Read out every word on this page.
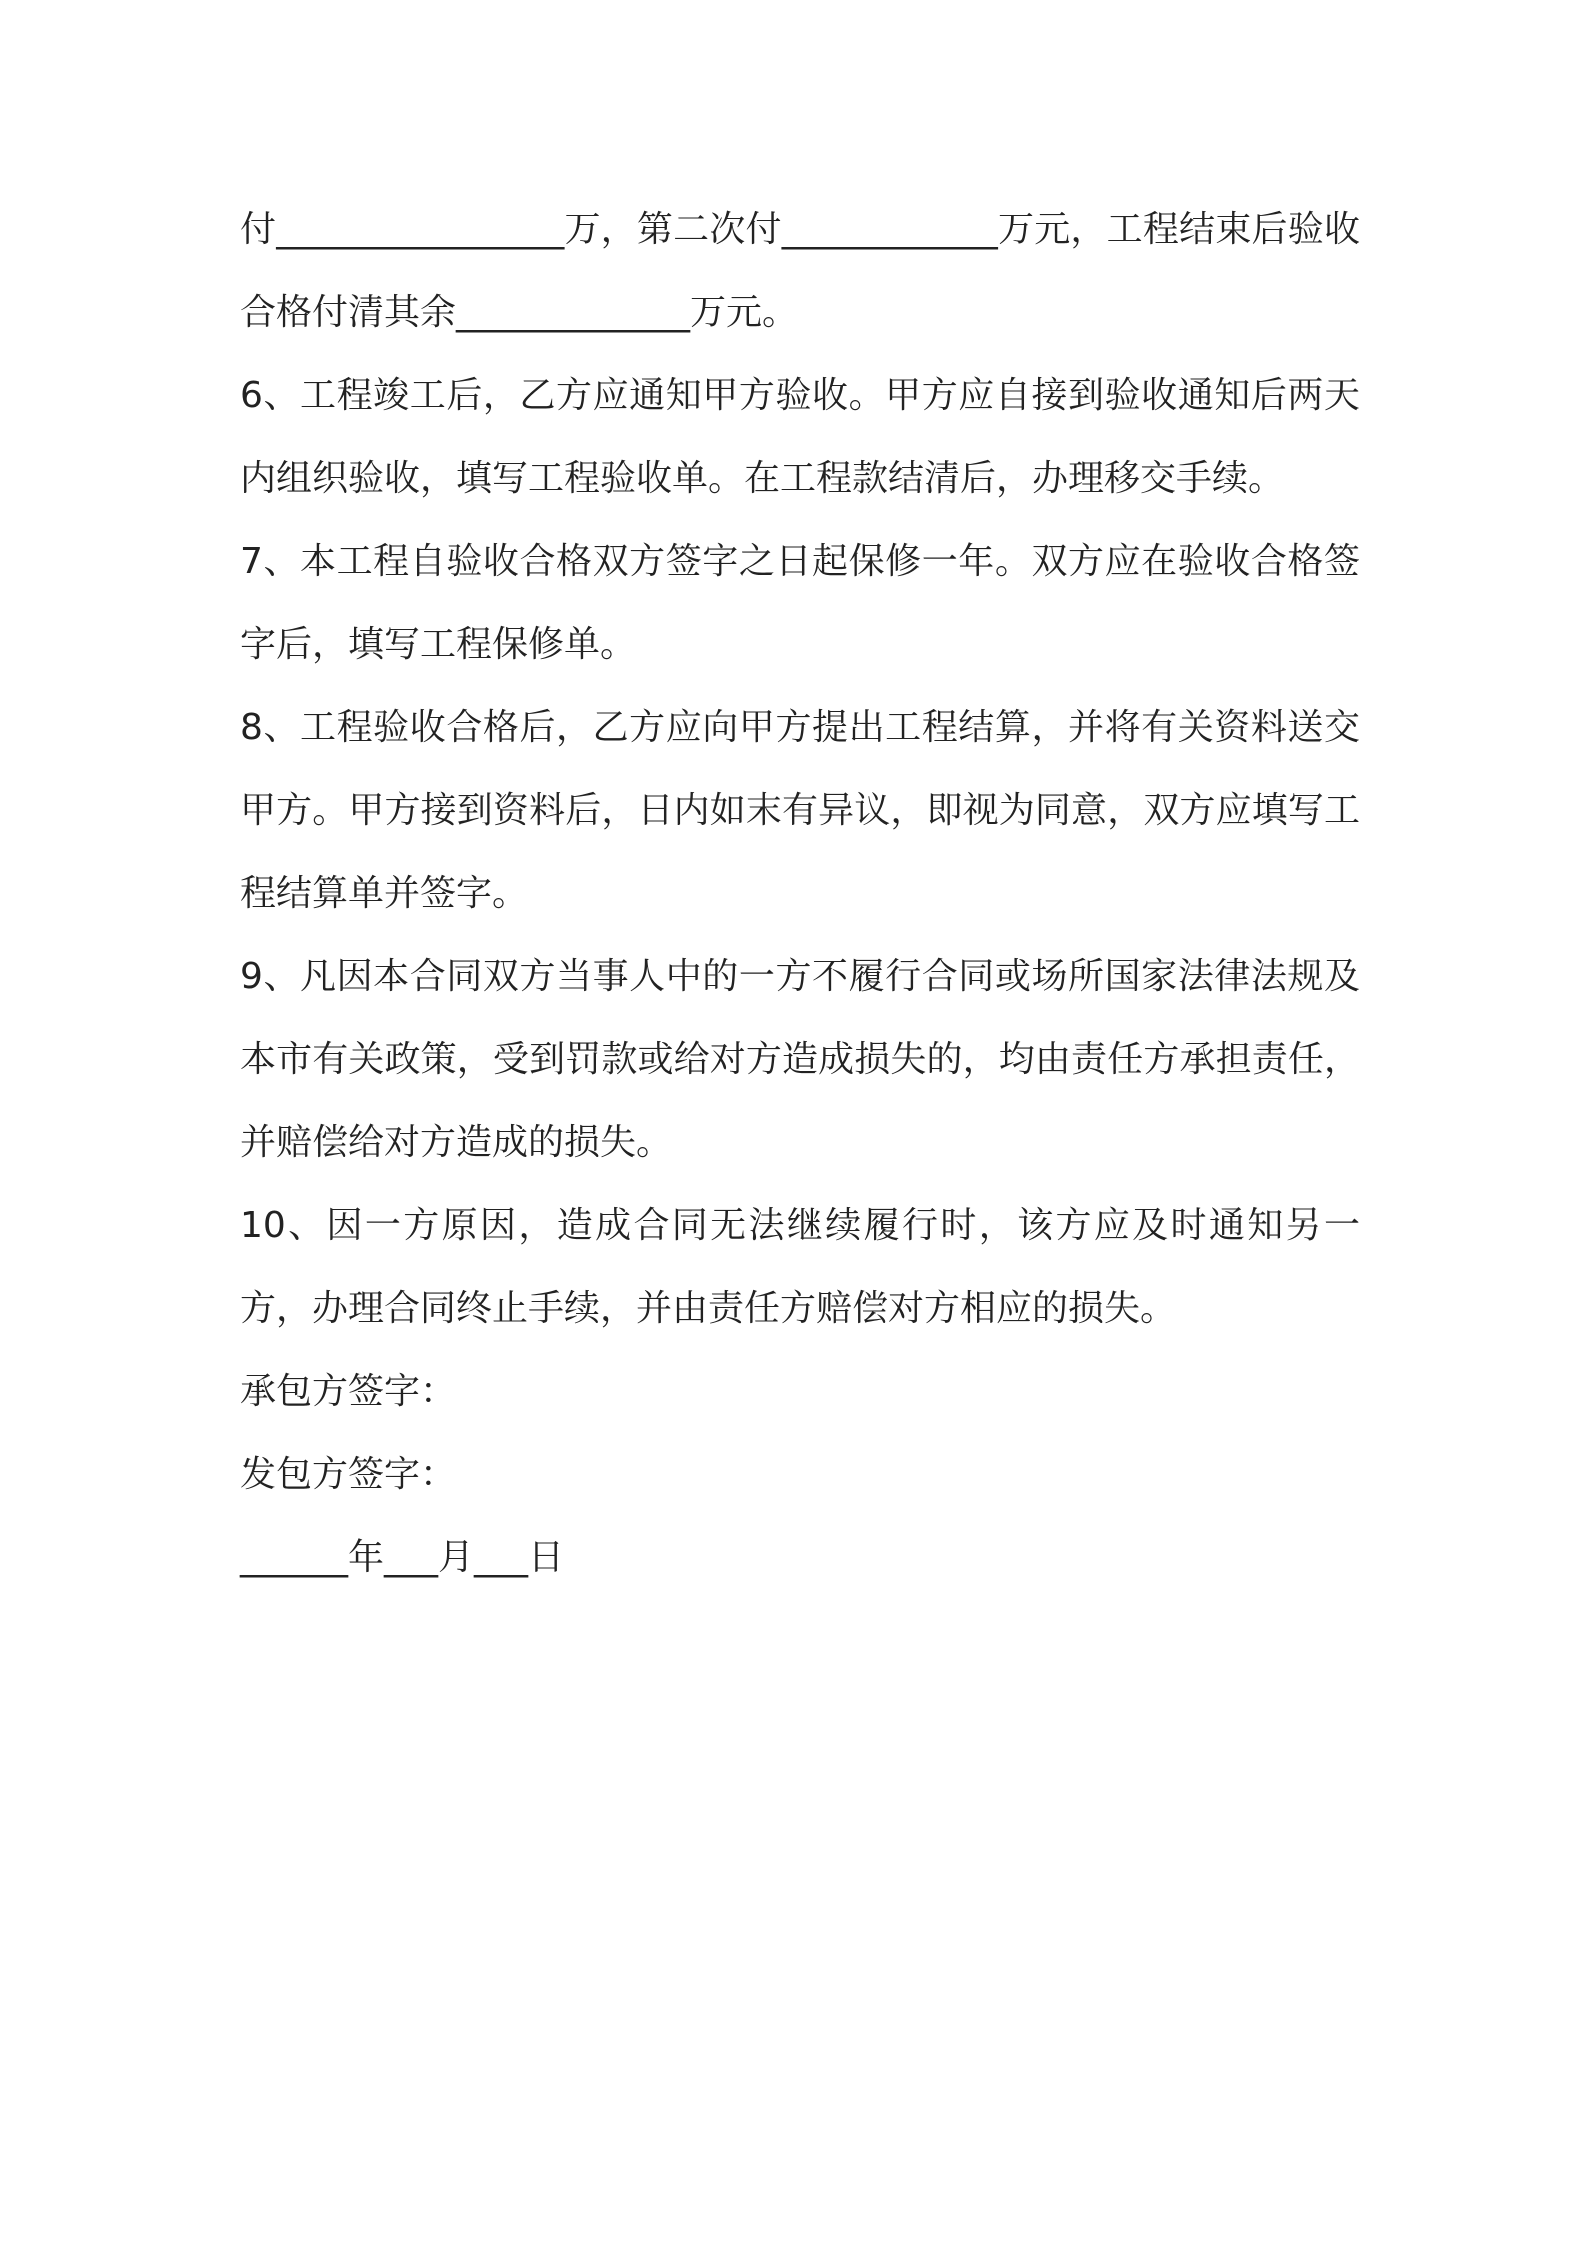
付________________万，第二次付____________万元，工程结束后验收合格付清其余_____________万元。

6、工程竣工后，乙方应通知甲方验收。甲方应自接到验收通知后两天内组织验收，填写工程验收单。在工程款结清后，办理移交手续。

7、本工程自验收合格双方签字之日起保修一年。双方应在验收合格签字后，填写工程保修单。

8、工程验收合格后，乙方应向甲方提出工程结算，并将有关资料送交甲方。甲方接到资料后，日内如末有异议，即视为同意，双方应填写工程结算单并签字。

9、凡因本合同双方当事人中的一方不履行合同或场所国家法律法规及本市有关政策，受到罚款或给对方造成损失的，均由责任方承担责任，并赔偿给对方造成的损失。

10、因一方原因，造成合同无法继续履行时，该方应及时通知另一方，办理合同终止手续，并由责任方赔偿对方相应的损失。

承包方签字：

发包方签字：

______年___月___日
